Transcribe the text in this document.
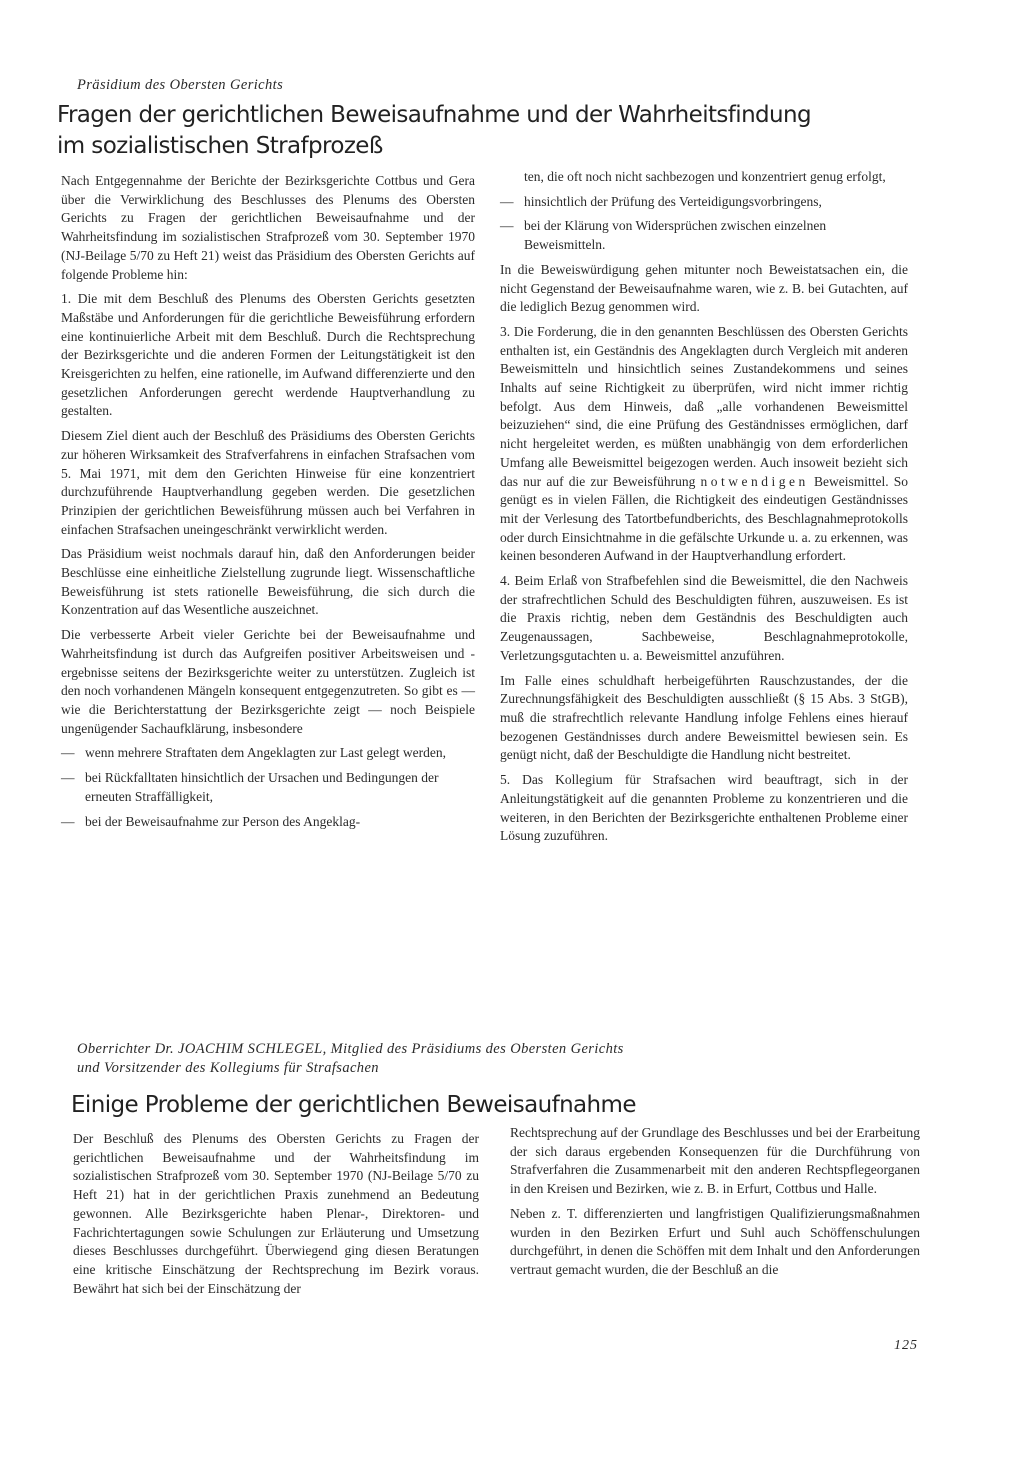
Präsidium des Obersten Gerichts

Fragen der gerichtlichen Beweisaufnahme und der Wahrheitsfindung
im sozialistischen Strafprozeß

Nach Entgegennahme der Berichte der Bezirksgerichte Cottbus und Gera über die Verwirklichung des Beschlusses des Plenums des Obersten Gerichts zu Fragen der gerichtlichen Beweisaufnahme und der Wahrheitsfindung im sozialistischen Strafprozeß vom 30. September 1970 (NJ-Beilage 5/70 zu Heft 21) weist das Präsidium des Obersten Gerichts auf folgende Probleme hin:

1. Die mit dem Beschluß des Plenums des Obersten Gerichts gesetzten Maßstäbe und Anforderungen für die gerichtliche Beweisführung erfordern eine kontinuierliche Arbeit mit dem Beschluß. Durch die Rechtsprechung der Bezirksgerichte und die anderen Formen der Leitungstätigkeit ist den Kreisgerichten zu helfen, eine rationelle, im Aufwand differenzierte und den gesetzlichen Anforderungen gerecht werdende Hauptverhandlung zu gestalten.

Diesem Ziel dient auch der Beschluß des Präsidiums des Obersten Gerichts zur höheren Wirksamkeit des Strafverfahrens in einfachen Strafsachen vom 5. Mai 1971, mit dem den Gerichten Hinweise für eine konzentriert durchzuführende Hauptverhandlung gegeben werden. Die gesetzlichen Prinzipien der gerichtlichen Beweisführung müssen auch bei Verfahren in einfachen Strafsachen uneingeschränkt verwirklicht werden.

Das Präsidium weist nochmals darauf hin, daß den Anforderungen beider Beschlüsse eine einheitliche Zielstellung zugrunde liegt. Wissenschaftliche Beweisführung ist stets rationelle Beweisführung, die sich durch die Konzentration auf das Wesentliche auszeichnet.

Die verbesserte Arbeit vieler Gerichte bei der Beweisaufnahme und Wahrheitsfindung ist durch das Aufgreifen positiver Arbeitsweisen und -ergebnisse seitens der Bezirksgerichte weiter zu unterstützen. Zugleich ist den noch vorhandenen Mängeln konsequent entgegenzutreten. So gibt es — wie die Berichterstattung der Bezirksgerichte zeigt — noch Beispiele ungenügender Sachaufklärung, insbesondere

— wenn mehrere Straftaten dem Angeklagten zur Last gelegt werden,
— bei Rückfalltaten hinsichtlich der Ursachen und Bedingungen der erneuten Straffälligkeit,
— bei der Beweisaufnahme zur Person des Angeklag-
ten, die oft noch nicht sachbezogen und konzentriert genug erfolgt,
— hinsichtlich der Prüfung des Verteidigungsvorbringens,
— bei der Klärung von Widersprüchen zwischen einzelnen Beweismitteln.

In die Beweiswürdigung gehen mitunter noch Beweistatsachen ein, die nicht Gegenstand der Beweisaufnahme waren, wie z. B. bei Gutachten, auf die lediglich Bezug genommen wird.

3. Die Forderung, die in den genannten Beschlüssen des Obersten Gerichts enthalten ist, ein Geständnis des Angeklagten durch Vergleich mit anderen Beweismitteln und hinsichtlich seines Zustandekommens und seines Inhalts auf seine Richtigkeit zu überprüfen, wird nicht immer richtig befolgt. Aus dem Hinweis, daß „alle vorhandenen Beweismittel beizuziehen“ sind, die eine Prüfung des Geständnisses ermöglichen, darf nicht hergeleitet werden, es müßten unabhängig von dem erforderlichen Umfang alle Beweismittel beigezogen werden. Auch insoweit bezieht sich das nur auf die zur Beweisführung notwendigen Beweismittel. So genügt es in vielen Fällen, die Richtigkeit des eindeutigen Geständnisses mit der Verlesung des Tatortbefundberichts, des Beschlagnahmeprotokolls oder durch Einsichtnahme in die gefälschte Urkunde u. a. zu erkennen, was keinen besonderen Aufwand in der Hauptverhandlung erfordert.

4. Beim Erlaß von Strafbefehlen sind die Beweismittel, die den Nachweis der strafrechtlichen Schuld des Beschuldigten führen, auszuweisen. Es ist die Praxis richtig, neben dem Geständnis des Beschuldigten auch Zeugenaussagen, Sachbeweise, Beschlagnahmeprotokolle, Verletzungsgutachten u. a. Beweismittel anzuführen.

Im Falle eines schuldhaft herbeigeführten Rauschzustandes, der die Zurechnungsfähigkeit des Beschuldigten ausschließt (§ 15 Abs. 3 StGB), muß die strafrechtlich relevante Handlung infolge Fehlens eines hierauf bezogenen Geständnisses durch andere Beweismittel bewiesen sein. Es genügt nicht, daß der Beschuldigte die Handlung nicht bestreitet.

5. Das Kollegium für Strafsachen wird beauftragt, sich in der Anleitungstätigkeit auf die genannten Probleme zu konzentrieren und die weiteren, in den Berichten der Bezirksgerichte enthaltenen Probleme einer Lösung zuzuführen.

Oberrichter Dr. JOACHIM SCHLEGEL, Mitglied des Präsidiums des Obersten Gerichts
und Vorsitzender des Kollegiums für Strafsachen

Einige Probleme der gerichtlichen Beweisaufnahme

Der Beschluß des Plenums des Obersten Gerichts zu Fragen der gerichtlichen Beweisaufnahme und der Wahrheitsfindung im sozialistischen Strafprozeß vom 30. September 1970 (NJ-Beilage 5/70 zu Heft 21) hat in der gerichtlichen Praxis zunehmend an Bedeutung gewonnen. Alle Bezirksgerichte haben Plenar-, Direktoren- und Fachrichtertagungen sowie Schulungen zur Erläuterung und Umsetzung dieses Beschlusses durchgeführt. Überwiegend ging diesen Beratungen eine kritische Einschätzung der Rechtsprechung im Bezirk voraus. Bewährt hat sich bei der Einschätzung der

Rechtsprechung auf der Grundlage des Beschlusses und bei der Erarbeitung der sich daraus ergebenden Konsequenzen für die Durchführung von Strafverfahren die Zusammenarbeit mit den anderen Rechtspflegeorganen in den Kreisen und Bezirken, wie z. B. in Erfurt, Cottbus und Halle.

Neben z. T. differenzierten und langfristigen Qualifizierungsmaßnahmen wurden in den Bezirken Erfurt und Suhl auch Schöffenschulungen durchgeführt, in denen die Schöffen mit dem Inhalt und den Anforderungen vertraut gemacht wurden, die der Beschluß an die

125
